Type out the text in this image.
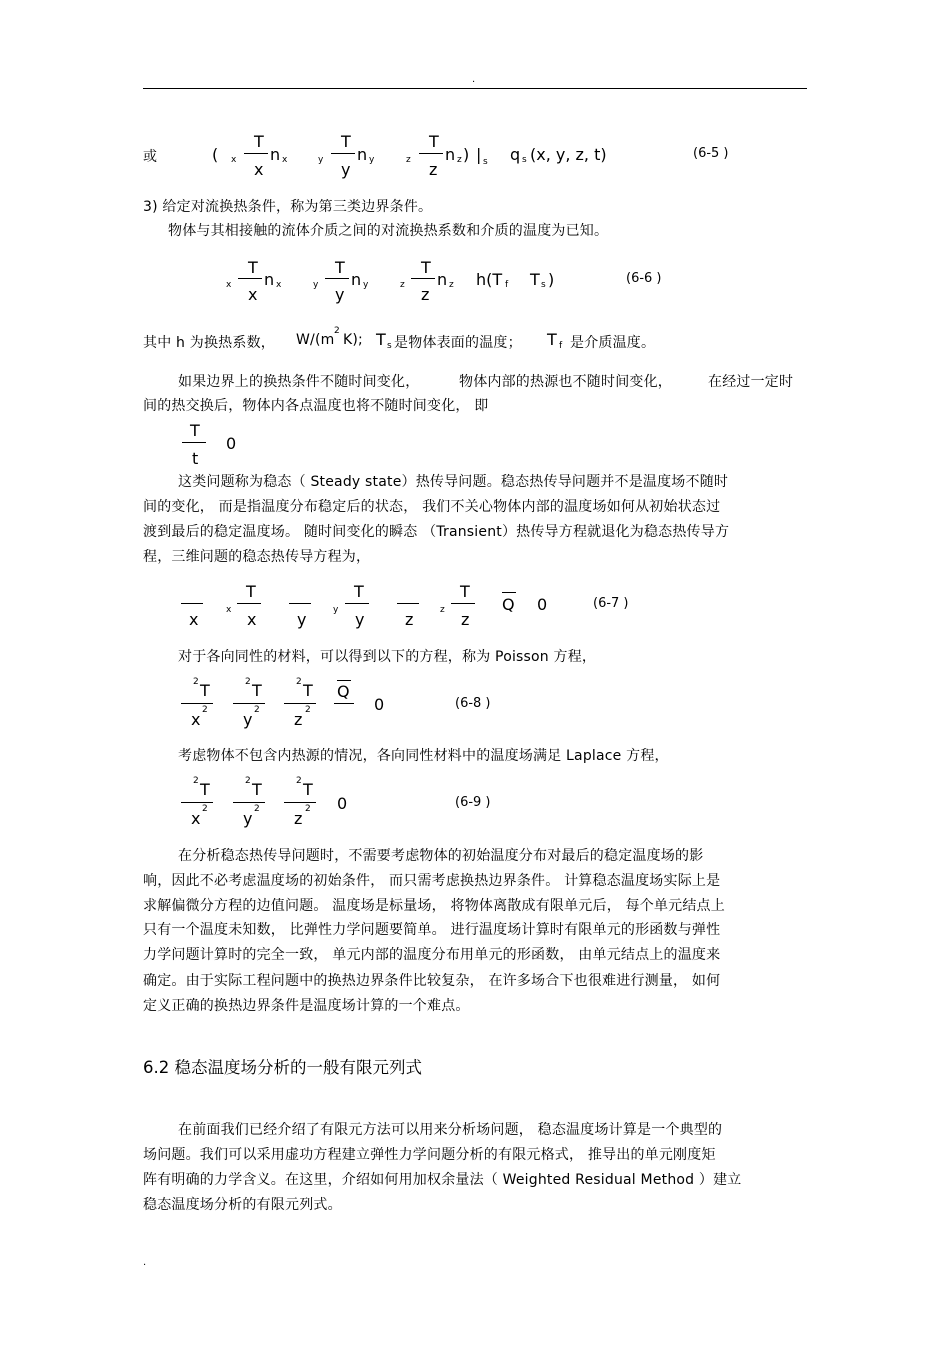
.
或	( x
T
x
n x	y
T
y
n y	z
T
z
n z ) | s q s (x, y, z, t)	(6-5 )
3) 给定对流换热条件，称为第三类边界条件。
物体与其相接触的流体介质之间的对流换热系数和介质的温度为已知。
x
T
x
n x	y
T
y
n y	z
T
z
n z h(T f T s )	(6-6 )
其中 h 为换热系数， W/(m
2
K); T s 是物体表面的温度； T f 是介质温度。
如果边界上的换热条件不随时间变化，	物体内部的热源也不随时间变化，	在经过一定时
间的热交换后，物体内各点温度也将不随时间变化， 即
T
t
0
这类问题称为稳态（ Steady state）热传导问题。稳态热传导问题并不是温度场不随时
间的变化， 而是指温度分布稳定后的状态， 我们不关心物体内部的温度场如何从初始状态过
渡到最后的稳定温度场。 随时间变化的瞬态 （Transient）热传导方程就退化为稳态热传导方
程，三维问题的稳态热传导方程为，
x	x
T
x	y	y
T
y	z	z
T
z
Q 0	(6-7 )
对于各向同性的材料，可以得到以下的方程，称为 Poisson 方程，
2 T
x 2
2 T
y 2
2 T
z 2
Q
0	(6-8 )
考虑物体不包含内热源的情况，各向同性材料中的温度场满足 Laplace 方程，
2 T
x 2
2 T
y 2
2 T
z 2 0	(6-9 )
在分析稳态热传导问题时，不需要考虑物体的初始温度分布对最后的稳定温度场的影
响，因此不必考虑温度场的初始条件， 而只需考虑换热边界条件。 计算稳态温度场实际上是
求解偏微分方程的边值问题。 温度场是标量场， 将物体离散成有限单元后， 每个单元结点上
只有一个温度未知数， 比弹性力学问题要简单。 进行温度场计算时有限单元的形函数与弹性
力学问题计算时的完全一致， 单元内部的温度分布用单元的形函数， 由单元结点上的温度来
确定。由于实际工程问题中的换热边界条件比较复杂， 在许多场合下也很难进行测量， 如何
定义正确的换热边界条件是温度场计算的一个难点。
6.2 稳态温度场分析的一般有限元列式
在前面我们已经介绍了有限元方法可以用来分析场问题， 稳态温度场计算是一个典型的
场问题。我们可以采用虚功方程建立弹性力学问题分析的有限元格式， 推导出的单元刚度矩
阵有明确的力学含义。在这里，介绍如何用加权余量法（ Weighted Residual Method ）建立
稳态温度场分析的有限元列式。
.
